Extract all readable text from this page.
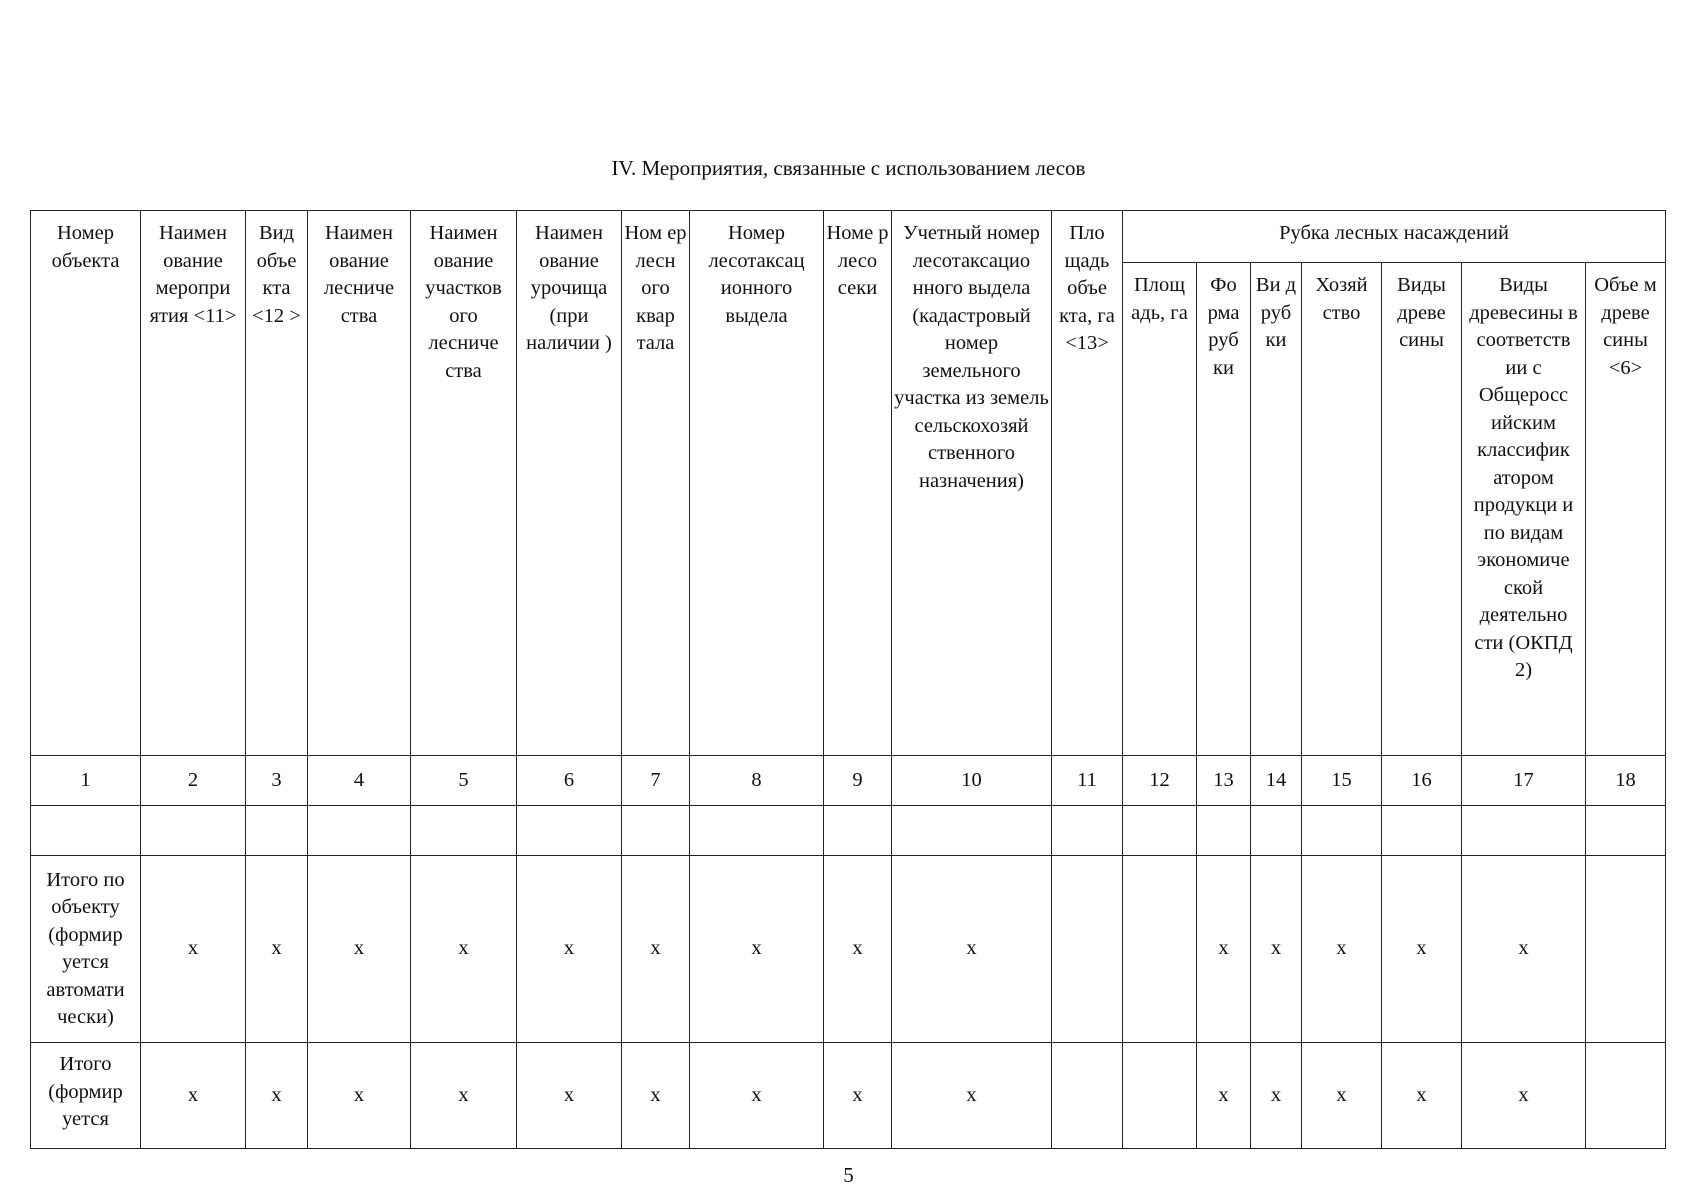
IV. Мероприятия, связанные с использованием лесов
Номер объекта	Наимен ование меропри ятия <11>	Вид объе кта <12 >	Наимен ование лесниче ства	Наимен ование участков ого лесниче ства	Наимен ование урочища (при наличии )	Ном ер лесн ого квар тала	Номер лесотаксац ионного выдела	Номе р лесо секи	Учетный номер лесотаксацио нного выдела (кадастровый номер земельного участка из земель сельскохозяй ственного назначения)	Пло щадь объе кта, га <13>	Рубка лесных насаждений						
											Площ адь, га	Фо рма руб ки	Ви д руб ки	Хозяй ство	Виды древе сины	Виды древесины в соответств ии с Общеросс ийским классифик атором продукци и по видам экономиче ской деятельно сти (ОКПД 2)	Объе м древе сины <6>
1	2	3	4	5	6	7	8	9	10	11	12	13	14	15	16	17	18

Итого по объекту (формир уется автомати чески)	x	x	x	x	x	x	x	x	x			x	x	x	x	x	
Итого (формир уется	x	x	x	x	x	x	x	x	x			x	x	x	x	x	
5
